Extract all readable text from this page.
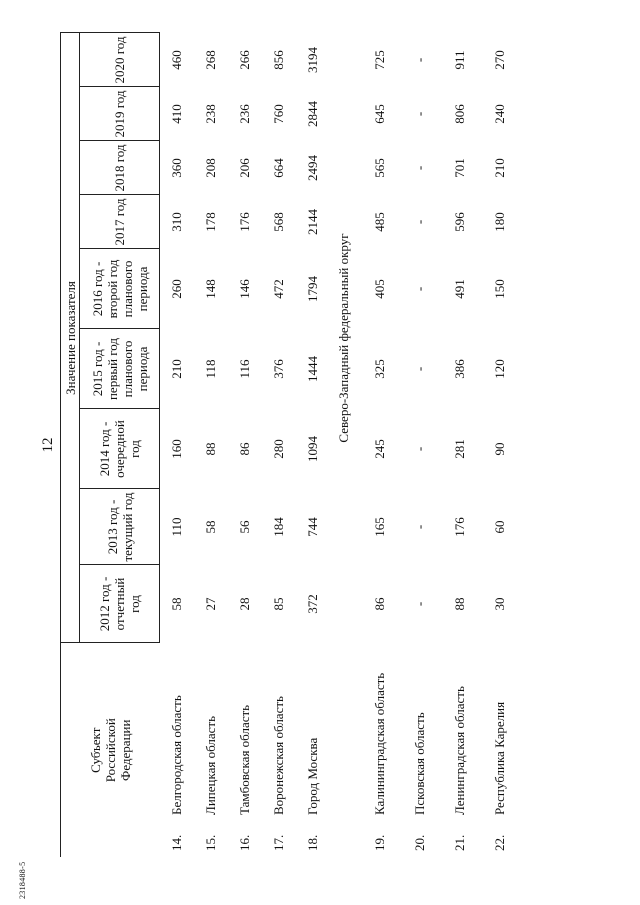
12
2318488-5
Субъект Российской Федерации		Значение показателя								
		2012 год - отчетный год	2013 год - текущий год	2014 год - очередной год	2015 год - первый год планового периода	2016 год - второй год планового периода	2017 год	2018 год	2019 год	2020 год
14.	Белгородская область	58	110	160	210	260	310	360	410	460
15.	Липецкая область	27	58	88	118	148	178	208	238	268
16.	Тамбовская область	28	56	86	116	146	176	206	236	266
17.	Воронежская область	85	184	280	376	472	568	664	760	856
18.	Город Москва	372	744	1094	1444	1794	2144	2494	2844	3194
		Северо-Западный федеральный округ								
19.	Калининградская область	86	165	245	325	405	485	565	645	725
20.	Псковская область	-	-	-	-	-	-	-	-	-
21.	Ленинградская область	88	176	281	386	491	596	701	806	911
22.	Республика Карелия	30	60	90	120	150	180	210	240	270
